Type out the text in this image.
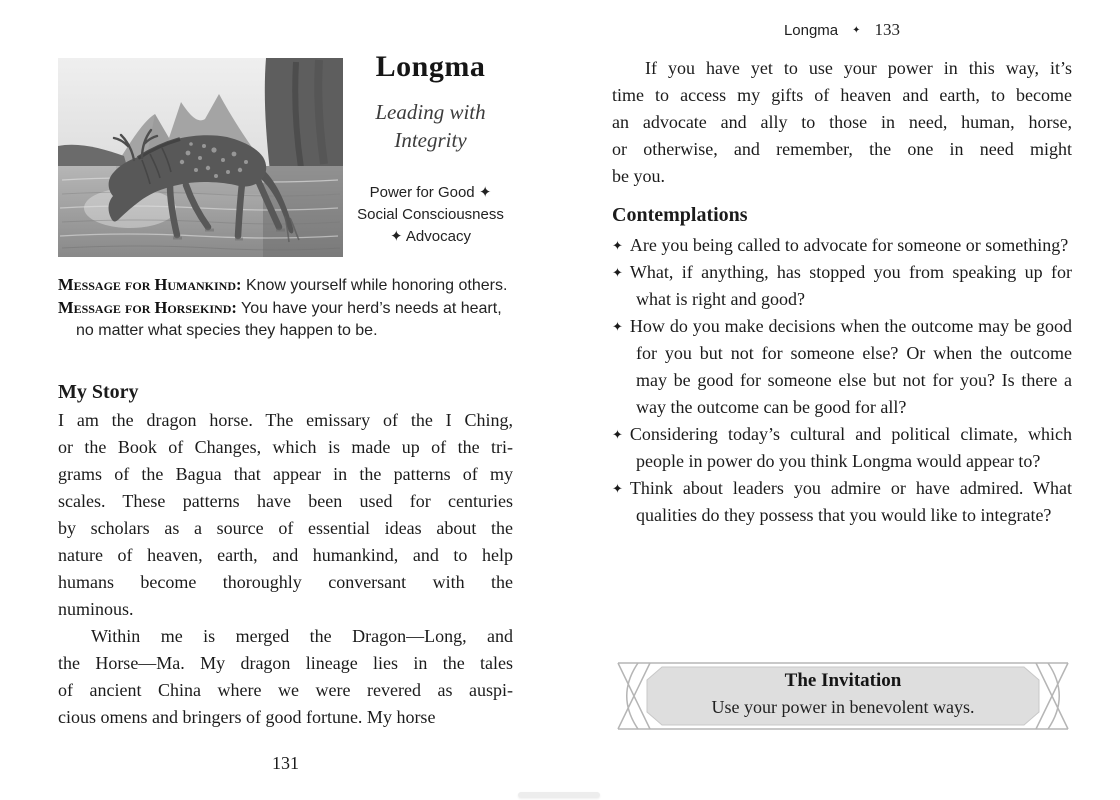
Longma
Leading with
Integrity
Power for Good ✦
Social Consciousness
✦ Advocacy

Message for Humankind: Know yourself while honoring others.

Message for Horsekind: You have your herd’s needs at heart, no matter what species they happen to be.

My Story
I am the dragon horse. The emissary of the I Ching,
or the Book of Changes, which is made up of the tri-
grams of the Bagua that appear in the patterns of my
scales. These patterns have been used for centuries
by scholars as a source of essential ideas about the
nature of heaven, earth, and humankind, and to help
humans become thoroughly conversant with the
numinous.
Within me is merged the Dragon—Long, and
the Horse—Ma. My dragon lineage lies in the tales
of ancient China where we were revered as auspi-
cious omens and bringers of good fortune. My horse
131
Longma ✦ 133
If you have yet to use your power in this way, it’s
time to access my gifts of heaven and earth, to become
an advocate and ally to those in need, human, horse,
or otherwise, and remember, the one in need might
be you.
Contemplations
✦ Are you being called to advocate for someone or something?
✦ What, if anything, has stopped you from speaking up for what is right and good?
✦ How do you make decisions when the outcome may be good for you but not for someone else? Or when the outcome may be good for someone else but not for you? Is there a way the outcome can be good for all?
✦ Considering today’s cultural and political climate, which people in power do you think Longma would appear to?
✦ Think about leaders you admire or have admired. What qualities do they possess that you would like to integrate?
The Invitation
Use your power in benevolent ways.
